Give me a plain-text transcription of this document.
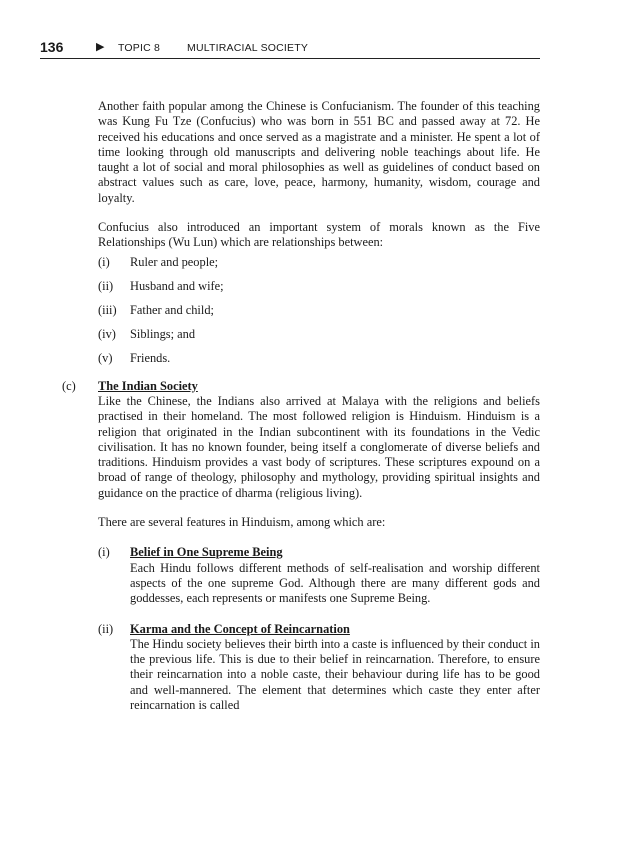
136	▶ TOPIC 8	MULTIRACIAL SOCIETY

Another faith popular among the Chinese is Confucianism. The founder of this teaching was Kung Fu Tze (Confucius) who was born in 551 BC and passed away at 72. He received his educations and once served as a magistrate and a minister. He spent a lot of time looking through old manuscripts and delivering noble teachings about life. He taught a lot of social and moral philosophies as well as guidelines of conduct based on abstract values such as care, love, peace, harmony, humanity, wisdom, courage and loyalty.

Confucius also introduced an important system of morals known as the Five Relationships (Wu Lun) which are relationships between:

(i) Ruler and people;
(ii) Husband and wife;
(iii) Father and child;
(iv) Siblings; and
(v) Friends.
(c) The Indian Society

Like the Chinese, the Indians also arrived at Malaya with the religions and beliefs practised in their homeland. The most followed religion is Hinduism. Hinduism is a religion that originated in the Indian subcontinent with its foundations in the Vedic civilisation. It has no known founder, being itself a conglomerate of diverse beliefs and traditions. Hinduism provides a vast body of scriptures. These scriptures expound on a broad of range of theology, philosophy and mythology, providing spiritual insights and guidance on the practice of dharma (religious living).

There are several features in Hinduism, among which are:

(i) Belief in One Supreme Being

Each Hindu follows different methods of self-realisation and worship different aspects of the one supreme God. Although there are many different gods and goddesses, each represents or manifests one Supreme Being.

(ii) Karma and the Concept of Reincarnation

The Hindu society believes their birth into a caste is influenced by their conduct in the previous life. This is due to their belief in reincarnation. Therefore, to ensure their reincarnation into a noble caste, their behaviour during life has to be good and well-mannered. The element that determines which caste they enter after reincarnation is called
